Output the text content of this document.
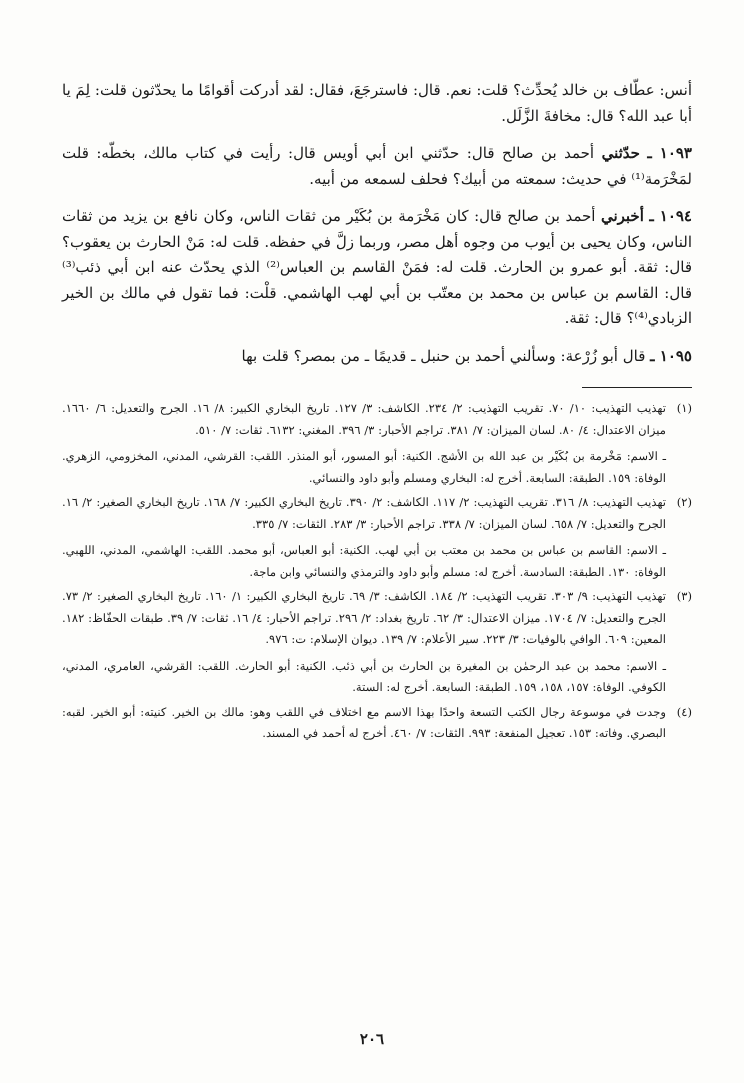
أنس: عطّاف بن خالد يُحدِّث؟ قلت: نعم. قال: فاسترجَعَ، فقال: لقد أدركت أقوامًا ما يحدّثون قلت: لِمَ يا أبا عبد الله؟ قال: مخافةَ الزَّلَل.

١٠٩٣ ـ حدّثني أحمد بن صالح قال: حدّثني ابن أبي أويس قال: رأيت في كتاب مالك، بخطّه: قلت لمَخْرَمة⁽¹⁾ في حديث: سمعته من أبيك؟ فحلف لسمعه من أبيه.

١٠٩٤ ـ أخبرني أحمد بن صالح قال: كان مَخْرَمة بن بُكَيْر من ثقات الناس، وكان نافع بن يزيد من ثقات الناس، وكان يحيى بن أيوب من وجوه أهل مصر، وربما زلَّ في حفظه. قلت له: مَنْ الحارث بن يعقوب؟ قال: ثقة. أبو عمرو بن الحارث. قلت له: فمَنْ القاسم بن العباس⁽²⁾ الذي يحدّث عنه ابن أبي ذئب⁽³⁾ قال: القاسم بن عباس بن محمد بن معتّب بن أبي لهب الهاشمي. قلْت: فما تقول في مالك بن الخير الزبادي⁽⁴⁾؟ قال: ثقة.

١٠٩٥ ـ قال أبو زُرْعة: وسألني أحمد بن حنبل ـ قديمًا ـ من بمصر؟ قلت بها

(١)

تهذيب التهذيب: ١٠/ ٧٠. تقريب التهذيب: ٢/ ٢٣٤. الكاشف: ٣/ ١٢٧. تاريخ البخاري الكبير: ٨/ ١٦. الجرح والتعديل: ٦/ ١٦٦٠. ميزان الاعتدال: ٤/ ٨٠. لسان الميزان: ٧/ ٣٨١. تراجم الأحبار: ٣/ ٣٩٦. المغني: ٦١٣٢. ثقات: ٧/ ٥١٠.

ـ الاسم: مَخْرمة بن بُكَيْر بن عبد الله بن الأشج. الكنية: أبو المسور، أبو المنذر. اللقب: القرشي، المدني، المخزومي، الزهري. الوفاة: ١٥٩. الطبقة: السابعة. أخرج له: البخاري ومسلم وأبو داود والنسائي.

(٢)

تهذيب التهذيب: ٨/ ٣١٦. تقريب التهذيب: ٢/ ١١٧. الكاشف: ٢/ ٣٩٠. تاريخ البخاري الكبير: ٧/ ١٦٨. تاريخ البخاري الصغير: ٢/ ١٦. الجرح والتعديل: ٧/ ٦٥٨. لسان الميزان: ٧/ ٣٣٨. تراجم الأحبار: ٣/ ٢٨٣. الثقات: ٧/ ٣٣٥.

ـ الاسم: القاسم بن عباس بن محمد بن معتب بن أبي لهب. الكنية: أبو العباس، أبو محمد. اللقب: الهاشمي، المدني، اللهبي. الوفاة: ١٣٠. الطبقة: السادسة. أخرج له: مسلم وأبو داود والترمذي والنسائي وابن ماجة.

(٣)

تهذيب التهذيب: ٩/ ٣٠٣. تقريب التهذيب: ٢/ ١٨٤. الكاشف: ٣/ ٦٩. تاريخ البخاري الكبير: ١/ ١٦٠. تاريخ البخاري الصغير: ٢/ ٧٣. الجرح والتعديل: ٧/ ١٧٠٤. ميزان الاعتدال: ٣/ ٦٢. تاريخ بغداد: ٢/ ٢٩٦. تراجم الأحبار: ٤/ ١٦. ثقات: ٧/ ٣٩. طبقات الحفّاظ: ١٨٢. المعين: ٦٠٩. الوافي بالوفيات: ٣/ ٢٢٣. سير الأعلام: ٧/ ١٣٩. ديوان الإسلام: ت: ٩٧٦.

ـ الاسم: محمد بن عبد الرحمٰن بن المغيرة بن الحارث بن أبي ذئب. الكنية: أبو الحارث. اللقب: القرشي، العامري، المدني، الكوفي. الوفاة: ١٥٧، ١٥٨، ١٥٩. الطبقة: السابعة. أخرج له: الستة.

(٤)

وجدت في موسوعة رجال الكتب التسعة واحدًا بهذا الاسم مع اختلاف في اللقب وهو: مالك بن الخير. كنيته: أبو الخير. لقبه: البصري. وفاته: ١٥٣. تعجيل المنفعة: ٩٩٣. الثقات: ٧/ ٤٦٠. أخرج له أحمد في المسند.

٢٠٦
